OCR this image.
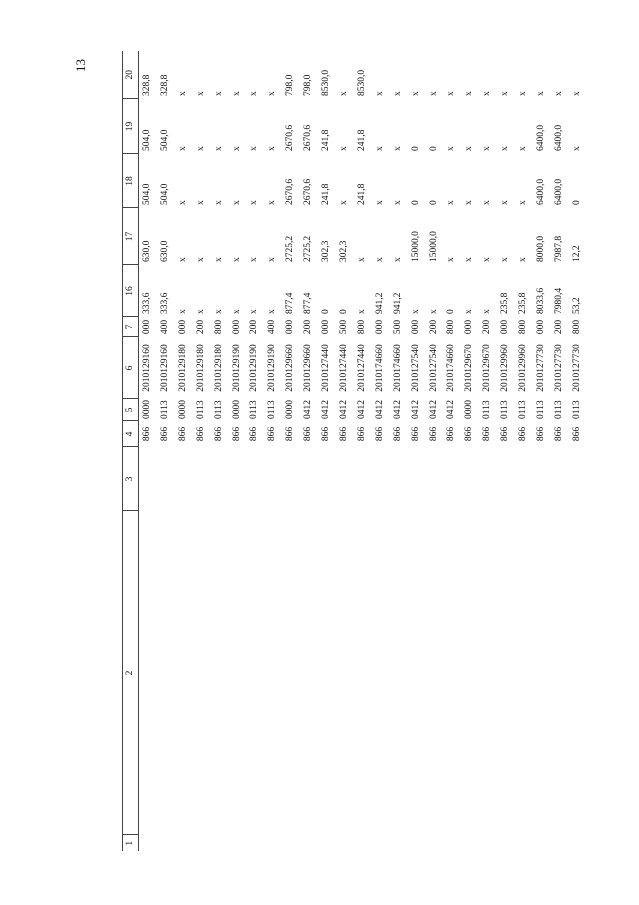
13
1	2	3	4	5	6	7	16	17	18	19	20
			866	0000	2010129160	000	333,6	630,0	504,0	504,0	328,8
			866	0113	2010129160	400	333,6	630,0	504,0	504,0	328,8
			866	0000	2010129180	000	x	x	x	x	x
			866	0113	2010129180	200	x	x	x	x	x
			866	0113	2010129180	800	x	x	x	x	x
			866	0000	2010129190	000	x	x	x	x	x
			866	0113	2010129190	200	x	x	x	x	x
			866	0113	2010129190	400	x	x	x	x	x
			866	0000	2010129660	000	877,4	2725,2	2670,6	2670,6	798,0
			866	0412	2010129660	200	877,4	2725,2	2670,6	2670,6	798,0
			866	0412	2010127440	000	0	302,3	241,8	241,8	8530,0
			866	0412	2010127440	500	0	302,3	x	x	x
			866	0412	2010127440	800	x	x	241,8	241,8	8530,0
			866	0412	2010174660	000	941,2	x	x	x	x
			866	0412	2010174660	500	941,2	x	x	x	x
			866	0412	2010127540	000	x	15000,0	0	0	x
			866	0412	2010127540	200	x	15000,0	0	0	x
			866	0412	2010174660	800	0	x	x	x	x
			866	0000	2010129670	000	x	x	x	x	x
			866	0113	2010129670	200	x	x	x	x	x
			866	0113	2010129960	000	235,8	x	x	x	x
			866	0113	2010129960	800	235,8	x	x	x	x
			866	0113	2010127730	000	8033,6	8000,0	6400,0	6400,0	x
			866	0113	2010127730	200	7980,4	7987,8	6400,0	6400,0	x
			866	0113	2010127730	800	53,2	12,2	0	x	x
